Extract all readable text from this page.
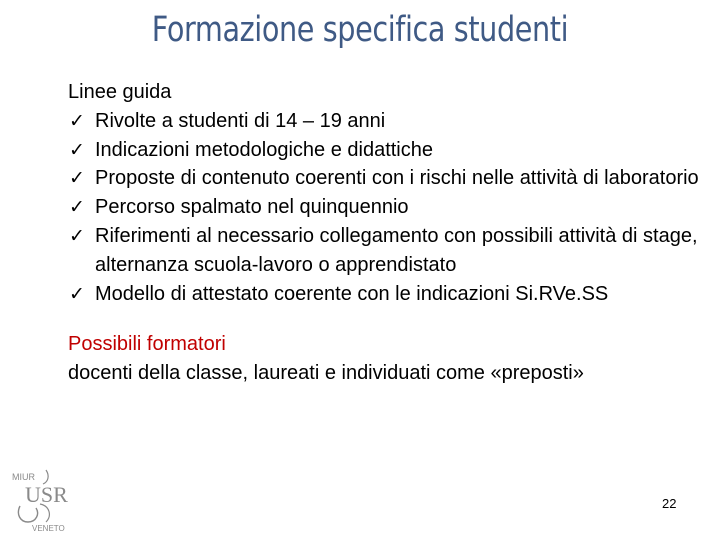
Formazione specifica studenti
Linee guida
✓ Rivolte a studenti di 14 – 19 anni
✓ Indicazioni metodologiche e didattiche
✓ Proposte di contenuto coerenti con i rischi nelle attività di laboratorio
✓ Percorso spalmato nel quinquennio
✓ Riferimenti al necessario collegamento con possibili attività di stage, alternanza scuola-lavoro o apprendistato
✓ Modello di attestato coerente con le indicazioni Si.RVe.SS
Possibili formatori
docenti della classe, laureati e individuati come «preposti»
MIUR
USR
VENETO
22
